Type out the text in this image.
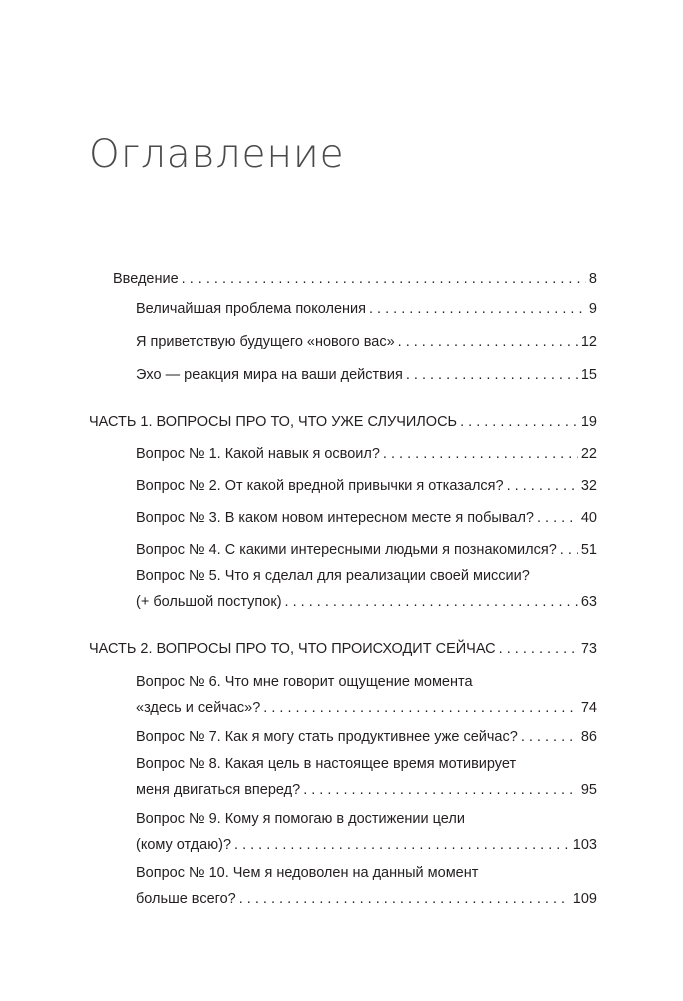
Оглавление
Введение . . .	8
Величайшая проблема поколения . . .	9
Я приветствую будущего «нового вас» . . .	12
Эхо — реакция мира на ваши действия . . .	15
ЧАСТЬ 1. ВОПРОСЫ ПРО ТО, ЧТО УЖЕ СЛУЧИЛОСЬ . . .	19
Вопрос № 1. Какой навык я освоил? . . .	22
Вопрос № 2. От какой вредной привычки я отказался? . . .	32
Вопрос № 3. В каком новом интересном месте я побывал? . . .	40
Вопрос № 4. С какими интересными людьми я познакомился? . . . 51
Вопрос № 5. Что я сделал для реализации своей миссии?
(+ большой поступок) . . .	63
ЧАСТЬ 2. ВОПРОСЫ ПРО ТО, ЧТО ПРОИСХОДИТ СЕЙЧАС . . .	73
Вопрос № 6. Что мне говорит ощущение момента
«здесь и сейчас»? . . .	74
Вопрос № 7. Как я могу стать продуктивнее уже сейчас? . . .	86
Вопрос № 8. Какая цель в настоящее время мотивирует
меня двигаться вперед? . . .	95
Вопрос № 9. Кому я помогаю в достижении цели
(кому отдаю)? . . .	103
Вопрос № 10. Чем я недоволен на данный момент
больше всего? . . .	109
